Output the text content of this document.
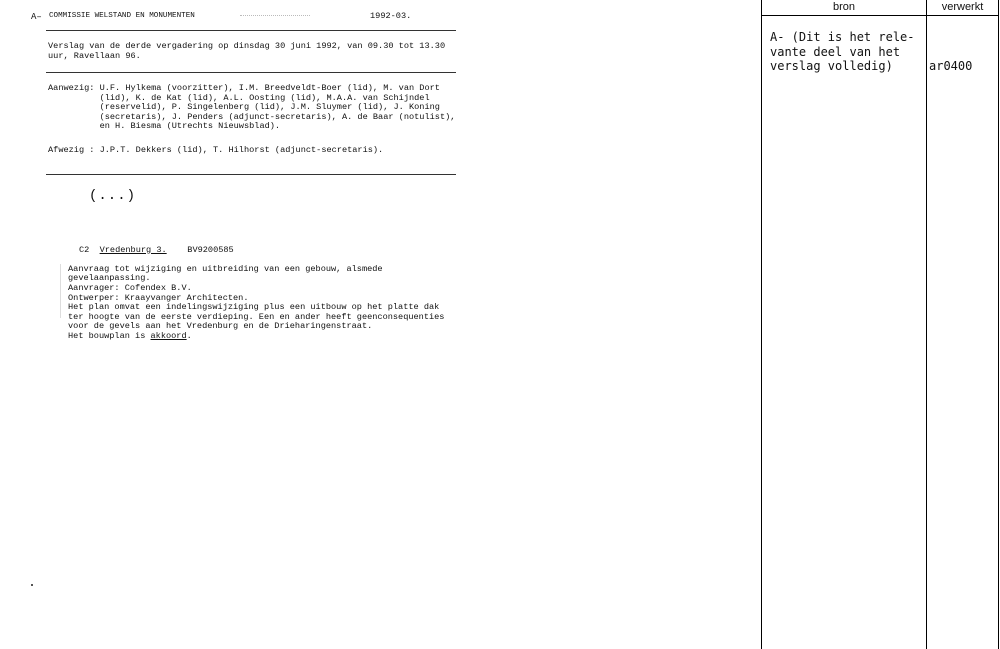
A– COMMISSIE WELSTAND EN MONUMENTEN	1992-03.
Verslag van de derde vergadering op dinsdag 30 juni 1992, van 09.30 tot 13.30
uur, Ravellaan 96.
Aanwezig: U.F. Hylkema (voorzitter), I.M. Breedveldt-Boer (lid), M. van Dort
(lid), K. de Kat (lid), A.L. Oosting (lid), M.A.A. van Schijndel
(reservelid), P. Singelenberg (lid), J.M. Sluymer (lid), J. Koning
(secretaris), J. Penders (adjunct-secretaris), A. de Baar (notulist),
en H. Biesma (Utrechts Nieuwsblad).
Afwezig : J.P.T. Dekkers (lid), T. Hilhorst (adjunct-secretaris).
(...)

C2 Vredenburg 3. BV9200585

Aanvraag tot wijziging en uitbreiding van een gebouw, alsmede
gevelaanpassing.
Aanvrager: Cofendex B.V.
Ontwerper: Kraayvanger Architecten.
Het plan omvat een indelingswijziging plus een uitbouw op het platte dak
ter hoogte van de eerste verdieping. Een en ander heeft geenconsequenties
voor de gevels aan het Vredenburg en de Drieharingenstraat.
Het bouwplan is akkoord.
bron	verwerkt
A- (Dit is het rele-
vante deel van het
verslag volledig)	ar0400
